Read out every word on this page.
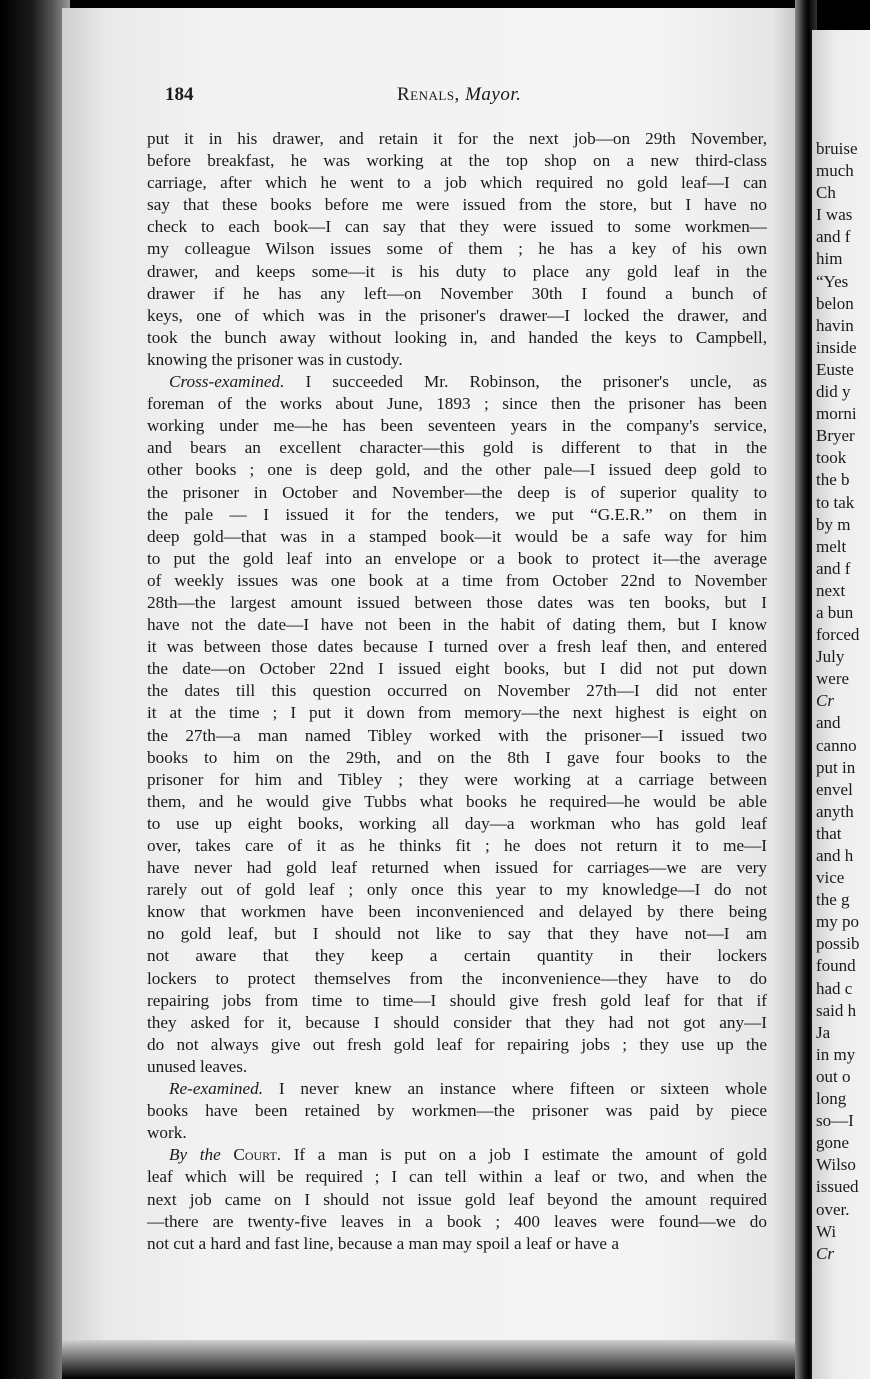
184	Renals, Mayor.
put it in his drawer, and retain it for the next job—on 29th November,
before breakfast, he was working at the top shop on a new third-class
carriage, after which he went to a job which required no gold leaf—I can
say that these books before me were issued from the store, but I have no
check to each book—I can say that they were issued to some workmen—
my colleague Wilson issues some of them ; he has a key of his own
drawer, and keeps some—it is his duty to place any gold leaf in the
drawer if he has any left—on November 30th I found a bunch of
keys, one of which was in the prisoner's drawer—I locked the drawer, and
took the bunch away without looking in, and handed the keys to Campbell,
knowing the prisoner was in custody.
Cross-examined. I succeeded Mr. Robinson, the prisoner's uncle, as
foreman of the works about June, 1893 ; since then the prisoner has been
working under me—he has been seventeen years in the company's service,
and bears an excellent character—this gold is different to that in the
other books ; one is deep gold, and the other pale—I issued deep gold to
the prisoner in October and November—the deep is of superior quality to
the pale — I issued it for the tenders, we put “G.E.R.” on them in
deep gold—that was in a stamped book—it would be a safe way for him
to put the gold leaf into an envelope or a book to protect it—the average
of weekly issues was one book at a time from October 22nd to November
28th—the largest amount issued between those dates was ten books, but I
have not the date—I have not been in the habit of dating them, but I know
it was between those dates because I turned over a fresh leaf then, and entered
the date—on October 22nd I issued eight books, but I did not put down
the dates till this question occurred on November 27th—I did not enter
it at the time ; I put it down from memory—the next highest is eight on
the 27th—a man named Tibley worked with the prisoner—I issued two
books to him on the 29th, and on the 8th I gave four books to the
prisoner for him and Tibley ; they were working at a carriage between
them, and he would give Tubbs what books he required—he would be able
to use up eight books, working all day—a workman who has gold leaf
over, takes care of it as he thinks fit ; he does not return it to me—I
have never had gold leaf returned when issued for carriages—we are very
rarely out of gold leaf ; only once this year to my knowledge—I do not
know that workmen have been inconvenienced and delayed by there being
no gold leaf, but I should not like to say that they have not—I am
not aware that they keep a certain quantity in their lockers
lockers to protect themselves from the inconvenience—they have to do
repairing jobs from time to time—I should give fresh gold leaf for that if
they asked for it, because I should consider that they had not got any—I
do not always give out fresh gold leaf for repairing jobs ; they use up the
unused leaves.
Re-examined. I never knew an instance where fifteen or sixteen whole
books have been retained by workmen—the prisoner was paid by piece
work.
By the Court. If a man is put on a job I estimate the amount of gold
leaf which will be required ; I can tell within a leaf or two, and when the
next job came on I should not issue gold leaf beyond the amount required
—there are twenty-five leaves in a book ; 400 leaves were found—we do
not cut a hard and fast line, because a man may spoil a leaf or have a
bruise
much
Ch
I was
and f
him
“Yes
belon
havin
inside
Euste
did y
morni
Bryer
took
the b
to tak
by m
melt
and f
next
a bun
forced
July
were
Cr
and
canno
put in
envel
anyth
that
and h
vice
the g
my po
possib
found
had c
said h
Ja
in my
out o
long
so—I
gone
Wilso
issued
over.
Wi
Cr
